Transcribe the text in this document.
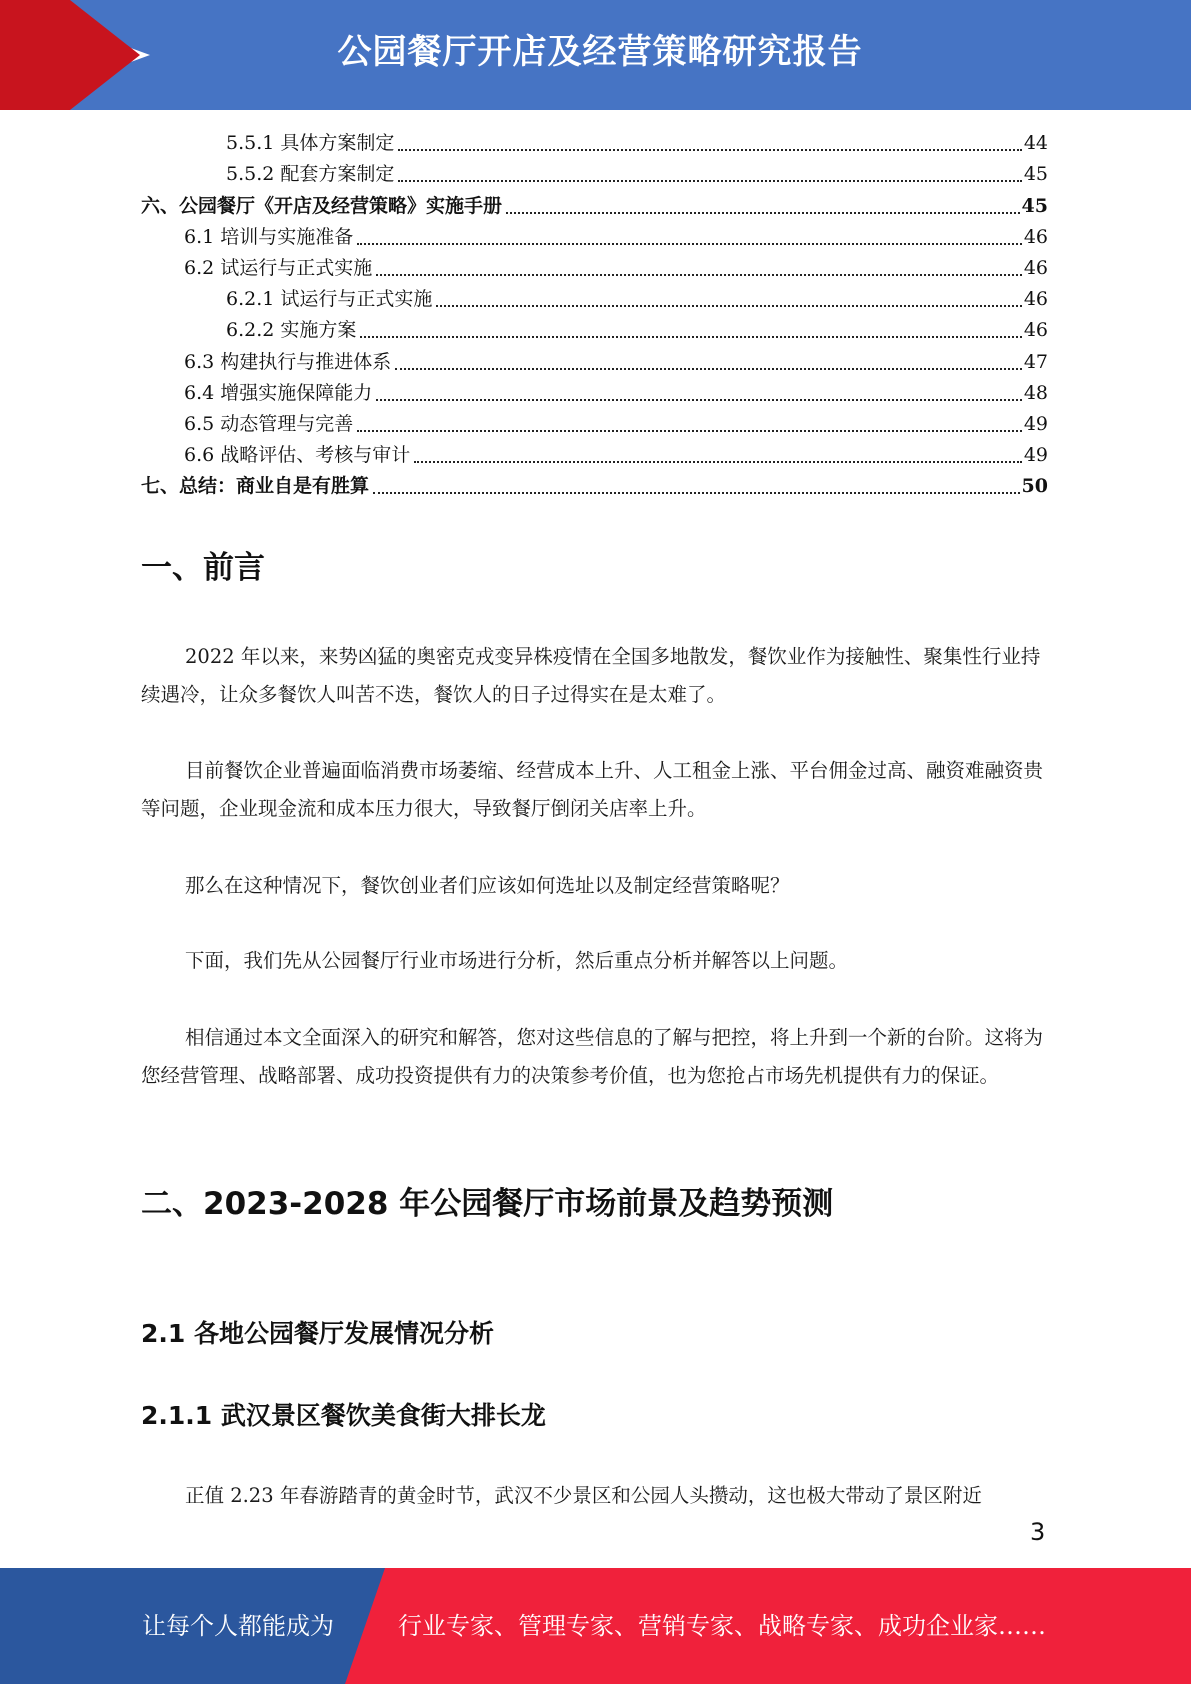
公园餐厅开店及经营策略研究报告
5.5.1 具体方案制定	44
5.5.2 配套方案制定	45
六、公园餐厅《开店及经营策略》实施手册	45
6.1 培训与实施准备	46
6.2 试运行与正式实施	46
6.2.1 试运行与正式实施	46
6.2.2 实施方案	46
6.3 构建执行与推进体系	47
6.4 增强实施保障能力	48
6.5 动态管理与完善	49
6.6 战略评估、考核与审计	49
七、总结：商业自是有胜算	50
一、前言
2022 年以来，来势凶猛的奥密克戎变异株疫情在全国多地散发，餐饮业作为接触性、聚集性行业持续遇冷，让众多餐饮人叫苦不迭，餐饮人的日子过得实在是太难了。
目前餐饮企业普遍面临消费市场萎缩、经营成本上升、人工租金上涨、平台佣金过高、融资难融资贵等问题，企业现金流和成本压力很大，导致餐厅倒闭关店率上升。
那么在这种情况下，餐饮创业者们应该如何选址以及制定经营策略呢？
下面，我们先从公园餐厅行业市场进行分析，然后重点分析并解答以上问题。
相信通过本文全面深入的研究和解答，您对这些信息的了解与把控，将上升到一个新的台阶。这将为您经营管理、战略部署、成功投资提供有力的决策参考价值，也为您抢占市场先机提供有力的保证。
二、2023-2028 年公园餐厅市场前景及趋势预测
2.1 各地公园餐厅发展情况分析
2.1.1 武汉景区餐饮美食街大排长龙
正值 2.23 年春游踏青的黄金时节，武汉不少景区和公园人头攒动，这也极大带动了景区附近
3
让每个人都能成为	行业专家、管理专家、营销专家、战略专家、成功企业家……
